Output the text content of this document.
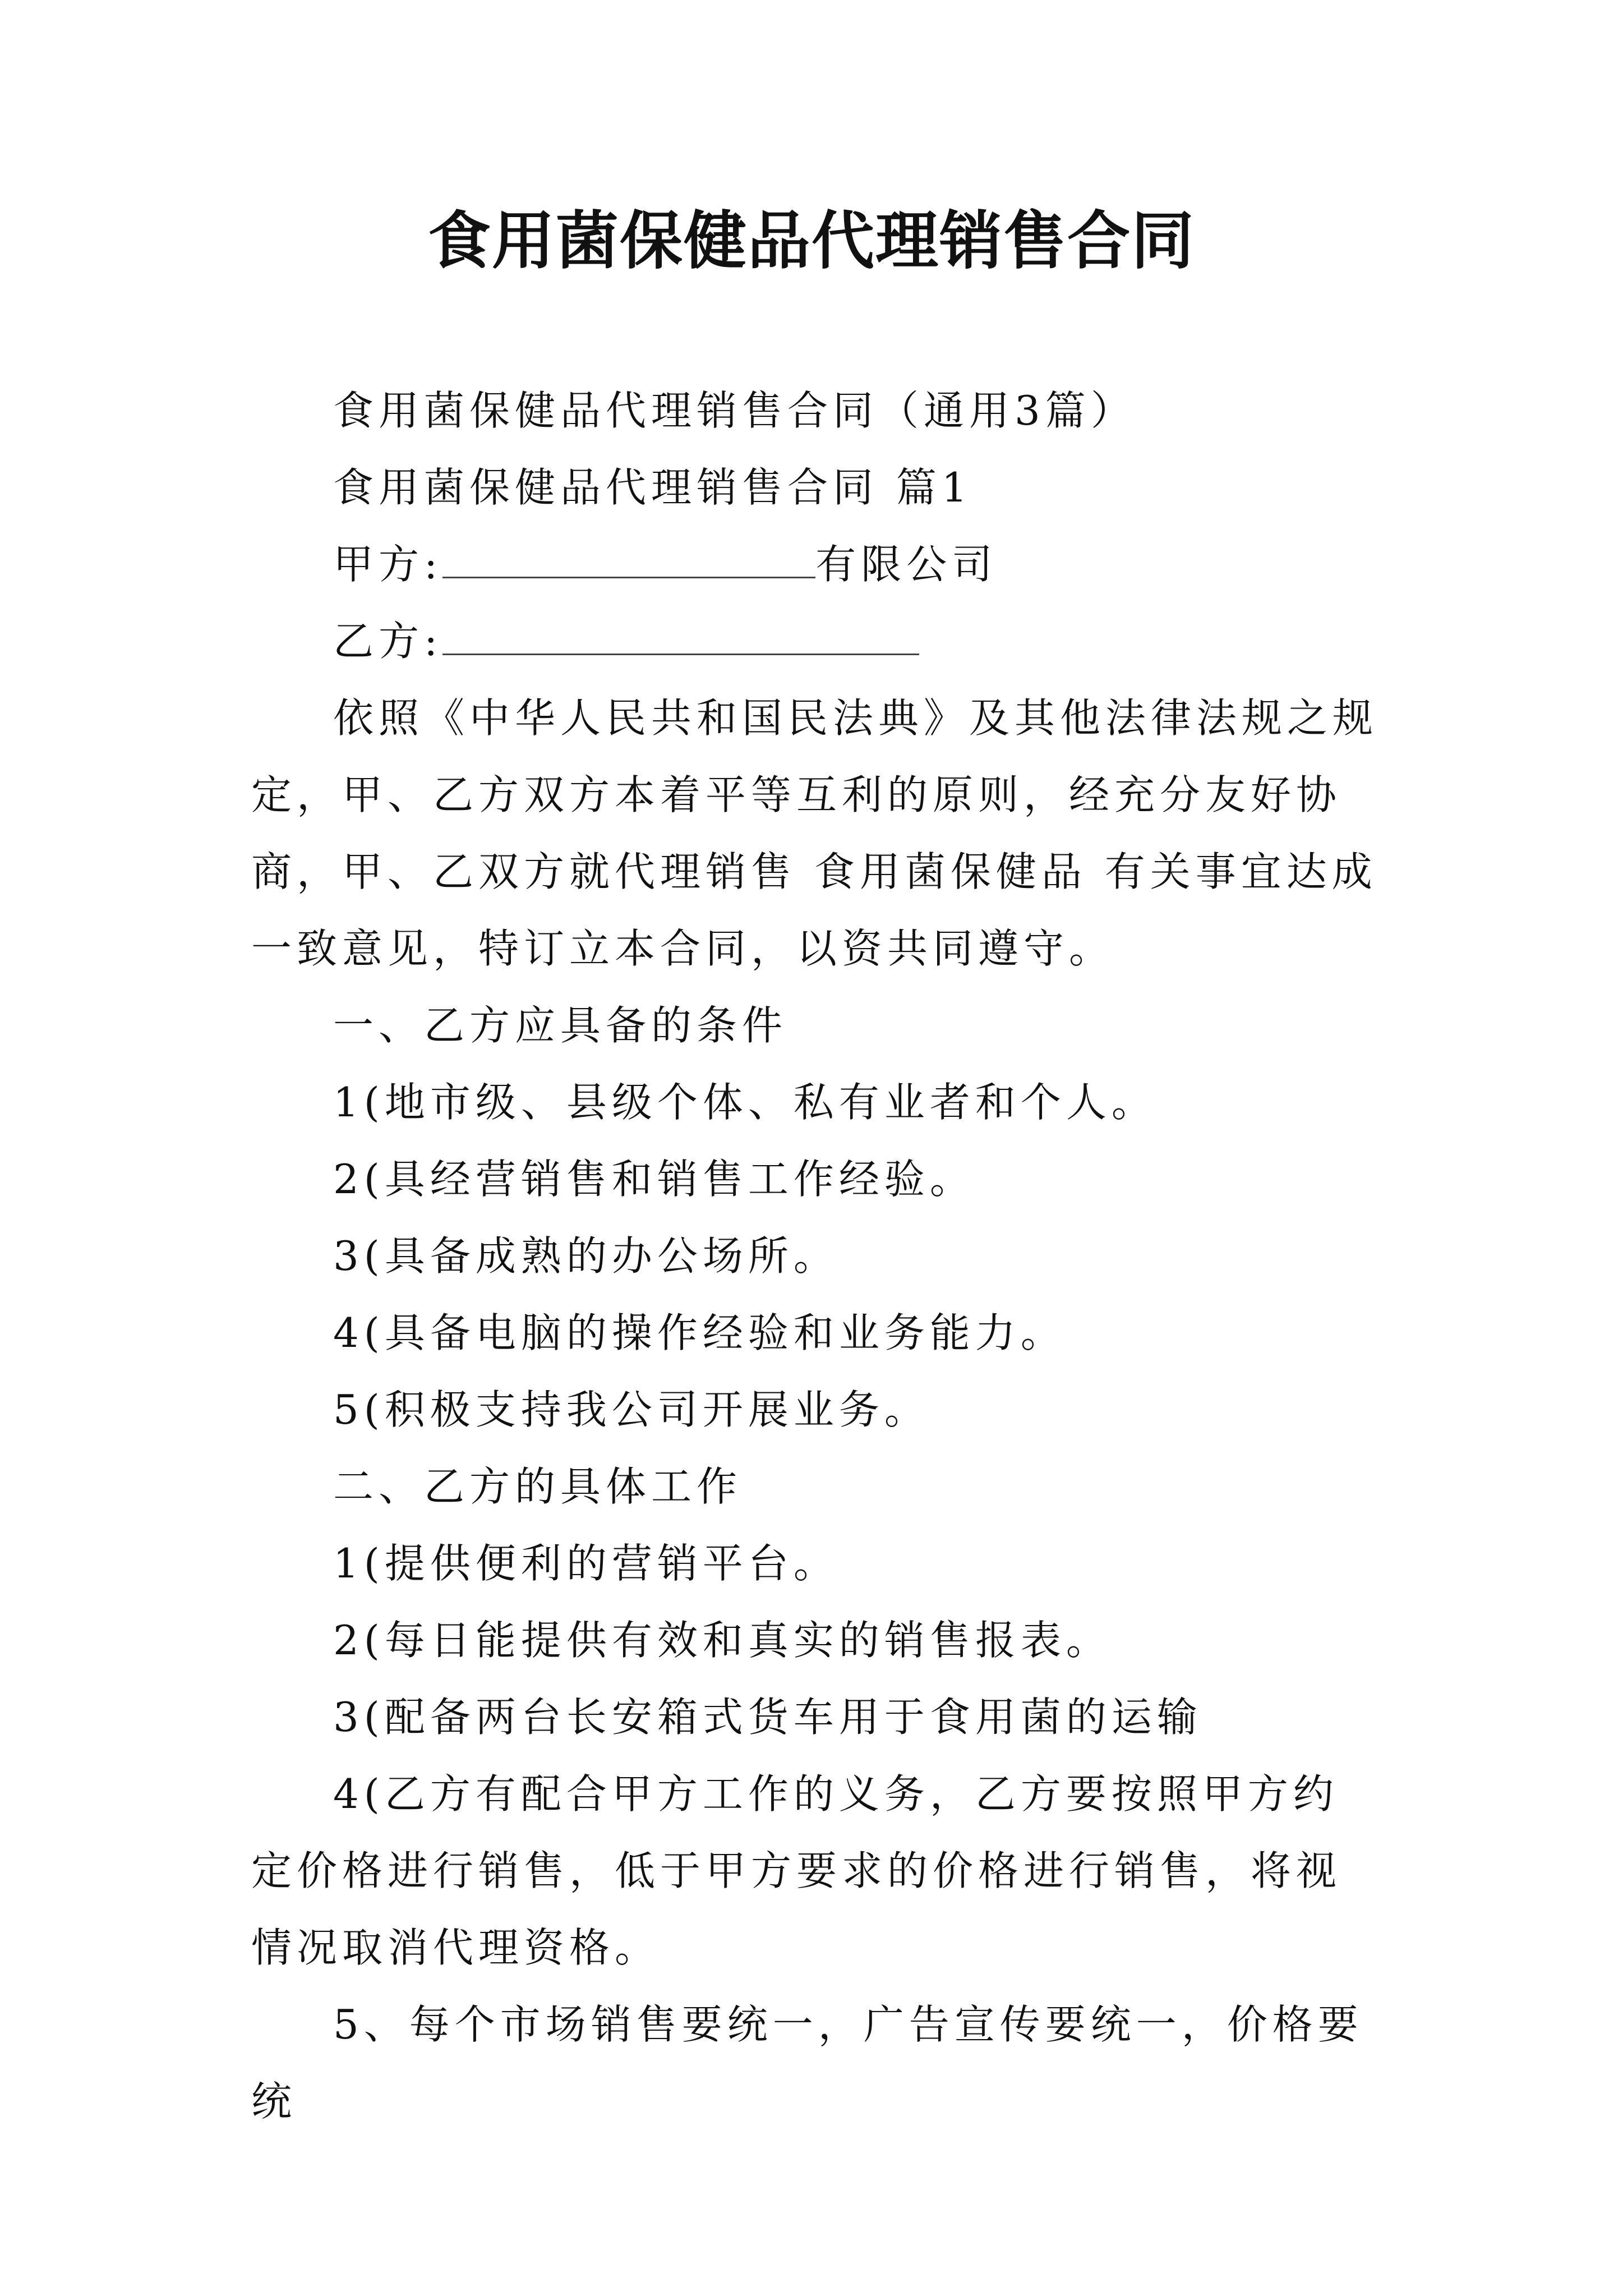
食用菌保健品代理销售合同

食用菌保健品代理销售合同（通用3篇）

食用菌保健品代理销售合同 篇1

甲方:	有限公司

乙方:

依照《中华人民共和国民法典》及其他法律法规之规定，甲、乙方双方本着平等互利的原则，经充分友好协商，甲、乙双方就代理销售 食用菌保健品 有关事宜达成一致意见，特订立本合同，以资共同遵守。

一、乙方应具备的条件

1(地市级、县级个体、私有业者和个人。

2(具经营销售和销售工作经验。

3(具备成熟的办公场所。

4(具备电脑的操作经验和业务能力。

5(积极支持我公司开展业务。

二、乙方的具体工作

1(提供便利的营销平台。

2(每日能提供有效和真实的销售报表。

3(配备两台长安箱式货车用于食用菌的运输

4(乙方有配合甲方工作的义务，乙方要按照甲方约定价格进行销售，低于甲方要求的价格进行销售，将视情况取消代理资格。

5、每个市场销售要统一，广告宣传要统一，价格要统
